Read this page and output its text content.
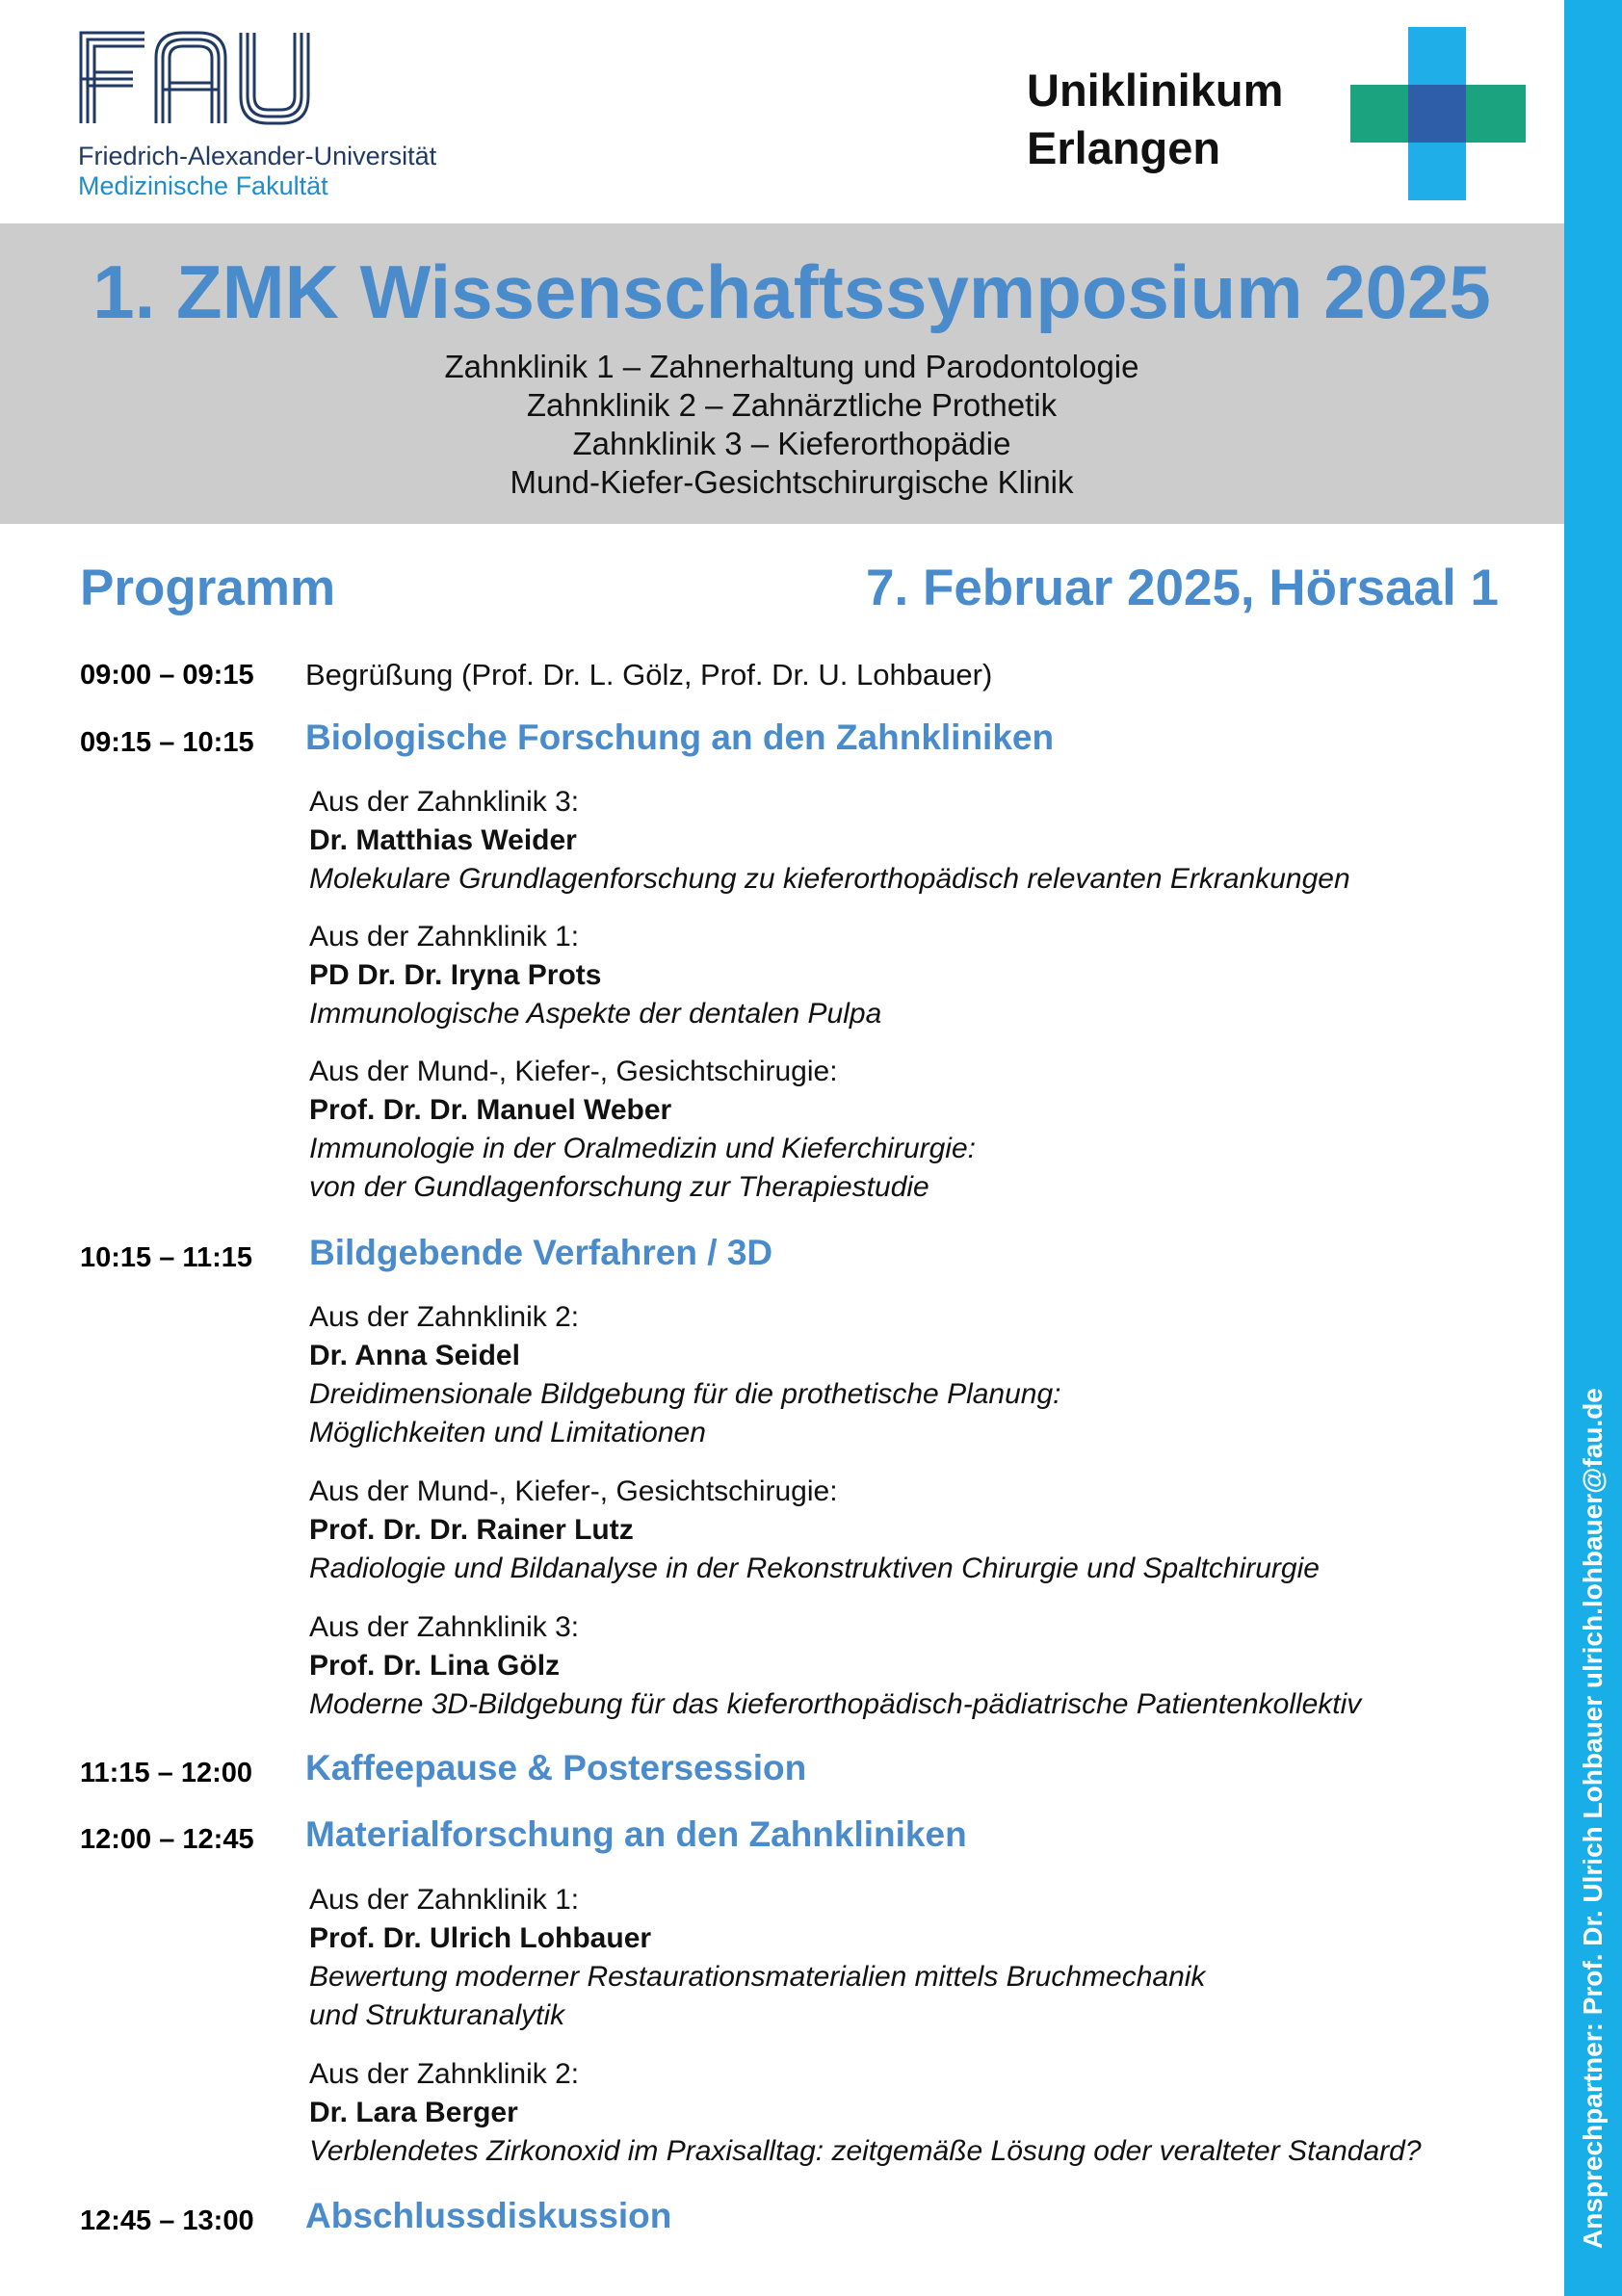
Friedrich-Alexander-Universität
Medizinische Fakultät
Uniklinikum
Erlangen
Ansprechpartner: Prof. Dr. Ulrich Lohbauer ulrich.lohbauer@fau.de
1. ZMK Wissenschaftssymposium 2025
Zahnklinik 1 – Zahnerhaltung und Parodontologie
Zahnklinik 2 – Zahnärztliche Prothetik
Zahnklinik 3 – Kieferorthopädie
Mund-Kiefer-Gesichtschirurgische Klinik
Programm	7. Februar 2025, Hörsaal 1
09:00 – 09:15 Begrüßung (Prof. Dr. L. Gölz, Prof. Dr. U. Lohbauer)
09:15 – 10:15 Biologische Forschung an den Zahnkliniken
Aus der Zahnklinik 3:
Dr. Matthias Weider
Molekulare Grundlagenforschung zu kieferorthopädisch relevanten Erkrankungen
Aus der Zahnklinik 1:
PD Dr. Dr. Iryna Prots
Immunologische Aspekte der dentalen Pulpa
Aus der Mund-, Kiefer-, Gesichtschirugie:
Prof. Dr. Dr. Manuel Weber
Immunologie in der Oralmedizin und Kieferchirurgie:
von der Gundlagenforschung zur Therapiestudie
10:15 – 11:15 Bildgebende Verfahren / 3D
Aus der Zahnklinik 2:
Dr. Anna Seidel
Dreidimensionale Bildgebung für die prothetische Planung:
Möglichkeiten und Limitationen
Aus der Mund-, Kiefer-, Gesichtschirugie:
Prof. Dr. Dr. Rainer Lutz
Radiologie und Bildanalyse in der Rekonstruktiven Chirurgie und Spaltchirurgie
Aus der Zahnklinik 3:
Prof. Dr. Lina Gölz
Moderne 3D-Bildgebung für das kieferorthopädisch-pädiatrische Patientenkollektiv
11:15 – 12:00 Kaffeepause & Postersession
12:00 – 12:45 Materialforschung an den Zahnkliniken
Aus der Zahnklinik 1:
Prof. Dr. Ulrich Lohbauer
Bewertung moderner Restaurationsmaterialien mittels Bruchmechanik
und Strukturanalytik
Aus der Zahnklinik 2:
Dr. Lara Berger
Verblendetes Zirkonoxid im Praxisalltag: zeitgemäße Lösung oder veralteter Standard?
12:45 – 13:00 Abschlussdiskussion
